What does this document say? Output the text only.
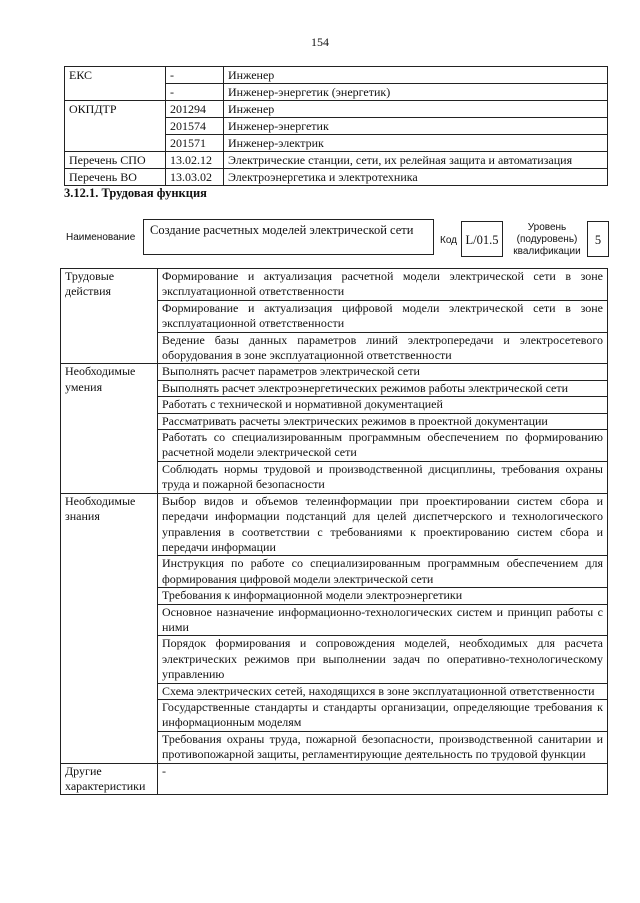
154
ЕКС	-	Инженер
	-	Инженер-энергетик (энергетик)
ОКПДТР	201294	Инженер
	201574	Инженер-энергетик
	201571	Инженер-электрик
Перечень СПО	13.02.12	Электрические станции, сети, их релейная защита и автоматизация
Перечень ВО	13.03.02	Электроэнергетика и электротехника
3.12.1. Трудовая функция
Наименование
Создание расчетных моделей электрической сети
Код L/01.5
Уровень (подуровень) квалификации
5
Трудовые действия	Формирование и актуализация расчетной модели электрической сети в зоне эксплуатационной ответственности
	Формирование и актуализация цифровой модели электрической сети в зоне эксплуатационной ответственности
	Ведение базы данных параметров линий электропередачи и электросетевого оборудования в зоне эксплуатационной ответственности
Необходимые умения	Выполнять расчет параметров электрической сети
	Выполнять расчет электроэнергетических режимов работы электрической сети
	Работать с технической и нормативной документацией
	Рассматривать расчеты электрических режимов в проектной документации
	Работать со специализированным программным обеспечением по формированию расчетной модели электрической сети
	Соблюдать нормы трудовой и производственной дисциплины, требования охраны труда и пожарной безопасности
Необходимые знания	Выбор видов и объемов телеинформации при проектировании систем сбора и передачи информации подстанций для целей диспетчерского и технологического управления в соответствии с требованиями к проектированию систем сбора и передачи информации
	Инструкция по работе со специализированным программным обеспечением для формирования цифровой модели электрической сети
	Требования к информационной модели электроэнергетики
	Основное назначение информационно-технологических систем и принцип работы с ними
	Порядок формирования и сопровождения моделей, необходимых для расчета электрических режимов при выполнении задач по оперативно-технологическому управлению
	Схема электрических сетей, находящихся в зоне эксплуатационной ответственности
	Государственные стандарты и стандарты организации, определяющие требования к информационным моделям
	Требования охраны труда, пожарной безопасности, производственной санитарии и противопожарной защиты, регламентирующие деятельность по трудовой функции
Другие характеристики	-
